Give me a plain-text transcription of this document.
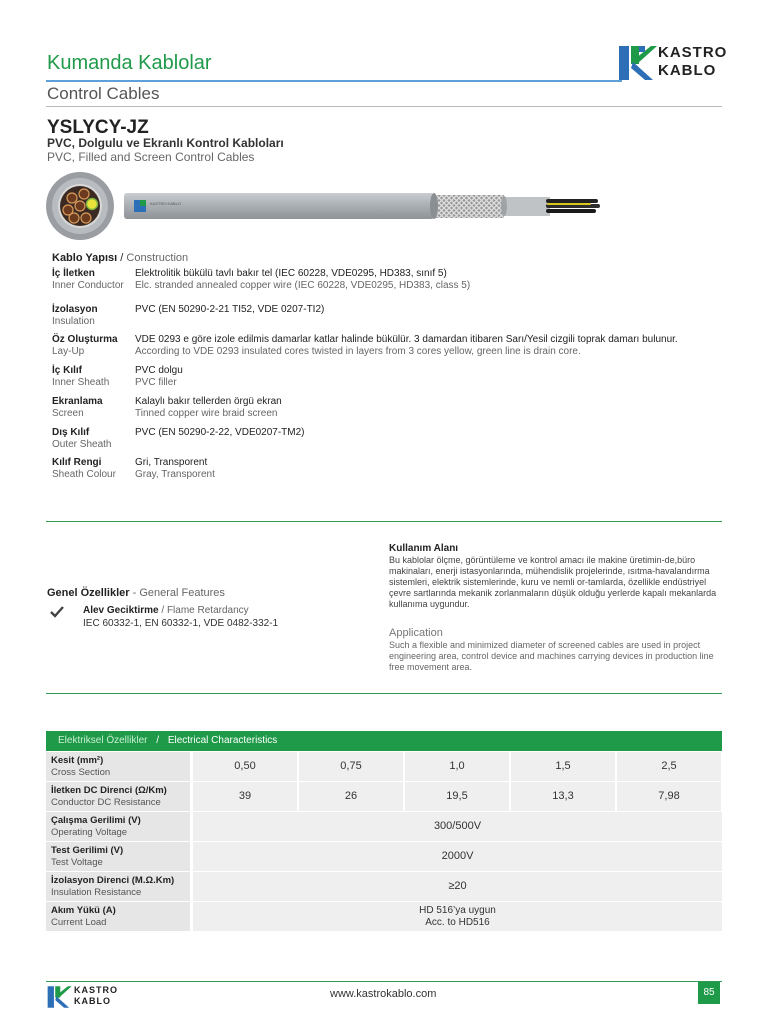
Kumanda Kablolar
Control Cables
KASTRO
KABLO
YSLYCY-JZ
PVC, Dolgulu ve Ekranlı Kontrol Kabloları
PVC, Filled and Screen Control Cables
KASTRO KABLO
Kablo Yapısı / Construction
İç İletken
Inner Conductor
Elektrolitik bükülü tavlı bakır tel (IEC 60228, VDE0295, HD383, sınıf 5)
Elc. stranded annealed copper wire (IEC 60228, VDE0295, HD383, class 5)
İzolasyon
Insulation
PVC (EN 50290-2-21 TI52, VDE 0207-TI2)
Öz Oluşturma
Lay-Up
VDE 0293 e göre izole edilmis damarlar katlar halinde bükülür. 3 damardan itibaren Sarı/Yesil cizgili toprak damarı bulunur.
According to VDE 0293 insulated cores twisted in layers from 3 cores yellow, green line is drain core.
İç Kılıf
Inner Sheath
PVC dolgu
PVC filler
Ekranlama
Screen
Kalaylı bakır tellerden örgü ekran
Tinned copper wire braid screen
Dış Kılıf
Outer Sheath
PVC (EN 50290-2-22, VDE0207-TM2)
Kılıf Rengi
Sheath Colour
Gri, Transporent
Gray, Transporent
Genel Özellikler - General Features
Alev Geciktirme / Flame Retardancy
IEC 60332-1, EN 60332-1, VDE 0482-332-1
Kullanım Alanı
Bu kablolar ölçme, görüntüleme ve kontrol amacı ile makine üretimin-de,büro makinaları, enerji istasyonlarında, mühendislik projelerinde, ısıtma-havalandırma sistemleri, elektrik sistemlerinde, kuru ve nemli or-tamlarda, özellikle endüstriyel çevre sartlarında mekanik zorlanmaların düşük olduğu yerlerde kapalı mekanlarda kullanıma uygundur.
Application
Such a flexible and minimized diameter of screened cables are used in project engineering area, control device and machines carrying devices in production line free movement area.
Elektriksel Özellikler / Electrical Characteristics
Kesit (mm²)
Cross Section
0,50	0,75	1,0	1,5	2,5
İletken DC Direnci (Ω/Km)
Conductor DC Resistance
39	26	19,5	13,3	7,98
Çalışma Gerilimi (V)
Operating Voltage
300/500V
Test Gerilimi (V)
Test Voltage
2000V
İzolasyon Direnci (M.Ω.Km)
Insulation Resistance
≥20
Akım Yükü (A)
Current Load
HD 516’ya uygun
Acc. to HD516
KASTRO
KABLO
www.kastrokablo.com	85
